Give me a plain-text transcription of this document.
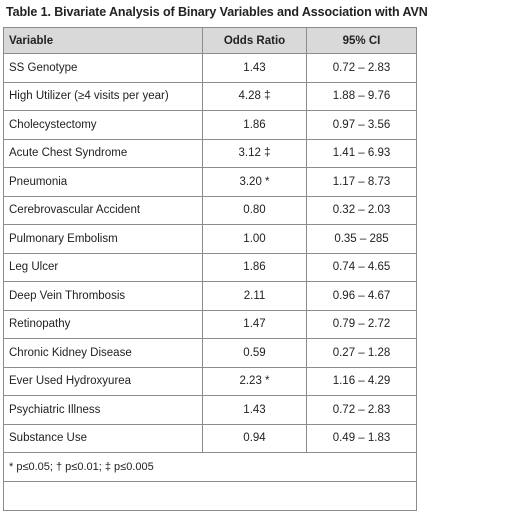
Table 1. Bivariate Analysis of Binary Variables and Association with AVN
Variable	Odds Ratio	95% CI
SS Genotype	1.43	0.72 – 2.83
High Utilizer (≥4 visits per year)	4.28 ‡	1.88 – 9.76
Cholecystectomy	1.86	0.97 – 3.56
Acute Chest Syndrome	3.12 ‡	1.41 – 6.93
Pneumonia	3.20 *	1.17 – 8.73
Cerebrovascular Accident	0.80	0.32 – 2.03
Pulmonary Embolism	1.00	0.35 – 285
Leg Ulcer	1.86	0.74 – 4.65
Deep Vein Thrombosis	2.11	0.96 – 4.67
Retinopathy	1.47	0.79 – 2.72
Chronic Kidney Disease	0.59	0.27 – 1.28
Ever Used Hydroxyurea	2.23 *	1.16 – 4.29
Psychiatric Illness	1.43	0.72 – 2.83
Substance Use	0.94	0.49 – 1.83
* p≤0.05; † p≤0.01; ‡ p≤0.005		
